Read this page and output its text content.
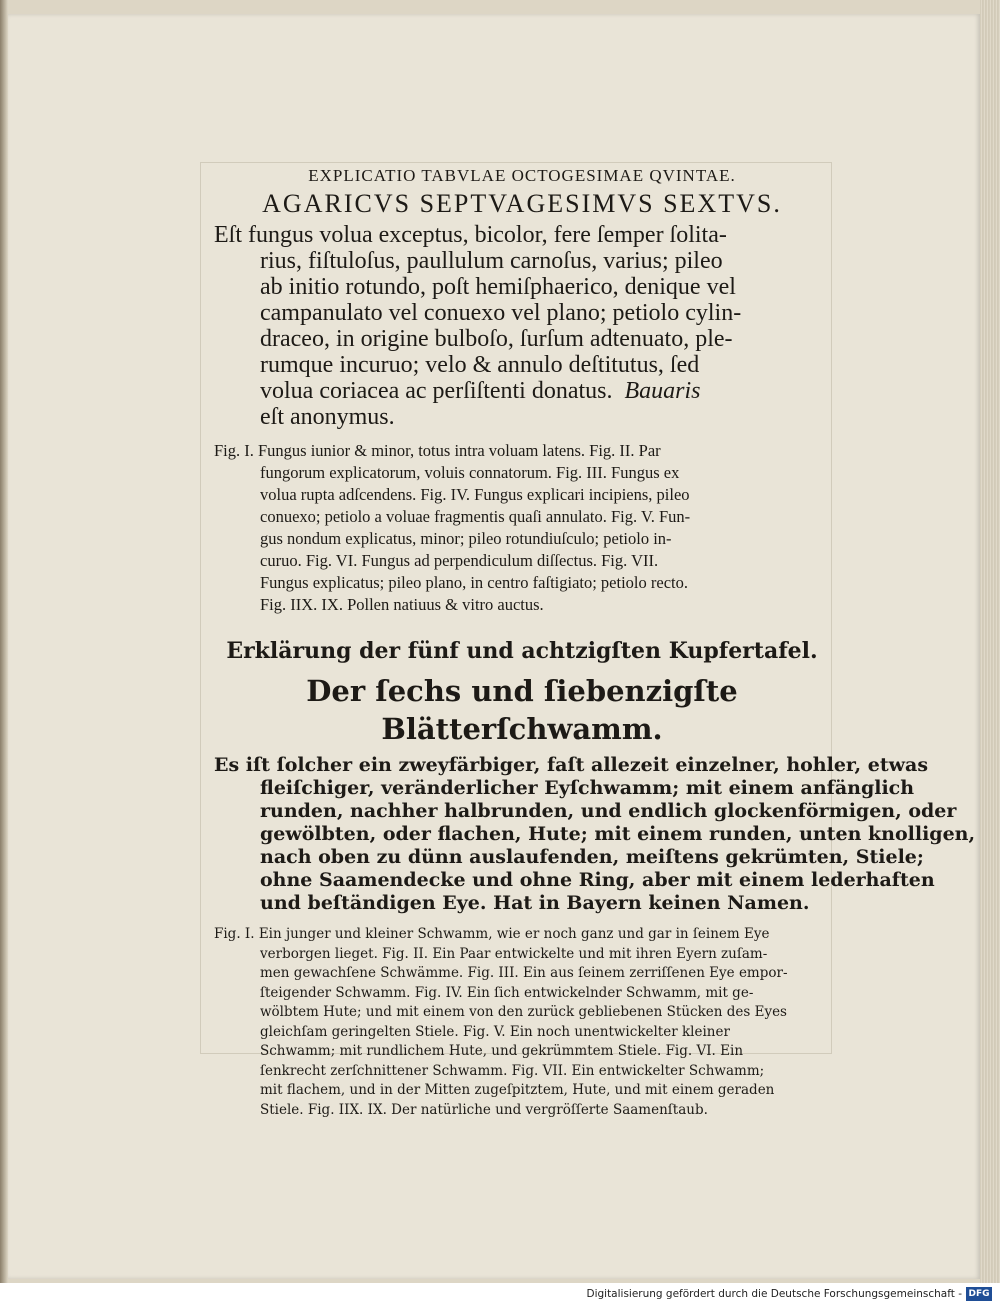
EXPLICATIO TABVLAE OCTOGESIMAE QVINTAE.
AGARICVS SEPTVAGESIMVS SEXTVS.
Eſt fungus volua exceptus, bicolor, fere ſemper ſolita-
rius, fiſtuloſus, paullulum carnoſus, varius; pileo
ab initio rotundo, poſt hemiſphaerico, denique vel
campanulato vel conuexo vel plano; petiolo cylin-
draceo, in origine bulboſo, ſurſum adtenuato, ple-
rumque incuruo; velo & annulo deſtitutus, ſed
volua coriacea ac perſiſtenti donatus. Bauaris
eſt anonymus.
Fig. I. Fungus iunior & minor, totus intra voluam latens. Fig. II. Par
fungorum explicatorum, voluis connatorum. Fig. III. Fungus ex
volua rupta adſcendens. Fig. IV. Fungus explicari incipiens, pileo
conuexo; petiolo a voluae fragmentis quaſi annulato. Fig. V. Fun-
gus nondum explicatus, minor; pileo rotundiuſculo; petiolo in-
curuo. Fig. VI. Fungus ad perpendiculum diſſectus. Fig. VII.
Fungus explicatus; pileo plano, in centro faſtigiato; petiolo recto.
Fig. IIX. IX. Pollen natiuus & vitro auctus.
Erklärung der fünf und achtzigſten Kupfertafel.
Der ſechs und ſiebenzigſte Blätterſchwamm.
Es iſt ſolcher ein zweyfärbiger, faſt allezeit einzelner, hohler, etwas
fleiſchiger, veränderlicher Eyſchwamm; mit einem anfänglich
runden, nachher halbrunden, und endlich glockenförmigen, oder
gewölbten, oder flachen, Hute; mit einem runden, unten knolligen,
nach oben zu dünn auslaufenden, meiſtens gekrümten, Stiele;
ohne Saamendecke und ohne Ring, aber mit einem lederhaften
und beſtändigen Eye. Hat in Bayern keinen Namen.
Fig. I. Ein junger und kleiner Schwamm, wie er noch ganz und gar in ſeinem Eye
verborgen lieget. Fig. II. Ein Paar entwickelte und mit ihren Eyern zuſam-
men gewachſene Schwämme. Fig. III. Ein aus ſeinem zerriſſenen Eye empor-
ſteigender Schwamm. Fig. IV. Ein ſich entwickelnder Schwamm, mit ge-
wölbtem Hute; und mit einem von den zurück gebliebenen Stücken des Eyes
gleichſam geringelten Stiele. Fig. V. Ein noch unentwickelter kleiner
Schwamm; mit rundlichem Hute, und gekrümmtem Stiele. Fig. VI. Ein
ſenkrecht zerſchnittener Schwamm. Fig. VII. Ein entwickelter Schwamm;
mit flachem, und in der Mitten zugeſpitztem, Hute, und mit einem geraden
Stiele. Fig. IIX. IX. Der natürliche und vergröſſerte Saamenſtaub.
Digitalisierung gefördert durch die Deutsche Forschungsgemeinschaft - DFG
